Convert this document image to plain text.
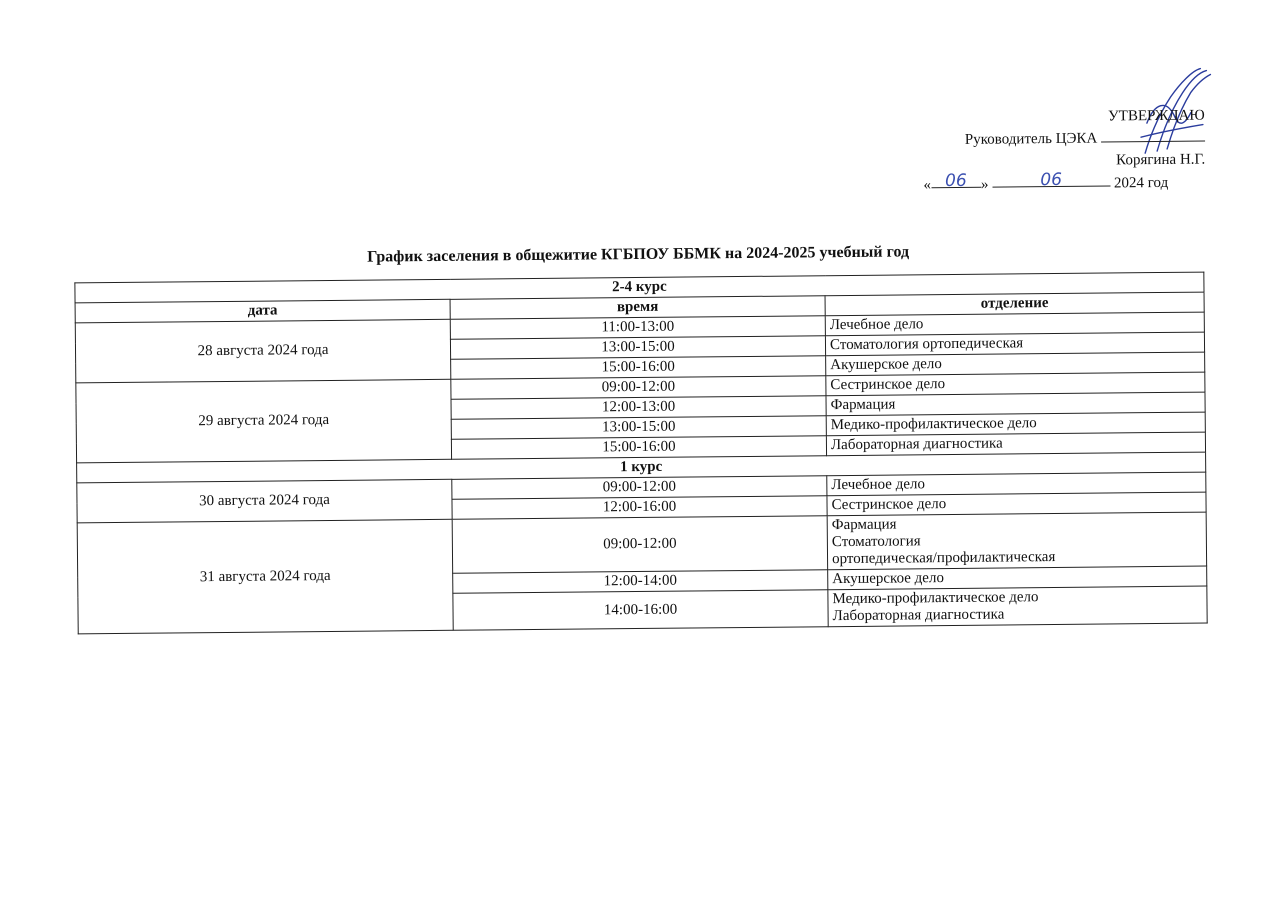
УТВЕРЖДАЮ
Руководитель ЦЭКА
Корягина Н.Г.
« 06 »	06	2024 год
График заселения в общежитие КГБПОУ ББМК на 2024-2025 учебный год
2-4 курс		
дата	время	отделение
28 августа 2024 года	11:00-13:00	Лечебное дело

	13:00-15:00	Стоматология ортопедическая

	15:00-16:00	Акушерское дело

29 августа 2024 года	09:00-12:00	Сестринское дело

	12:00-13:00	Фармация

	13:00-15:00	Медико-профилактическое дело

	15:00-16:00	Лабораторная диагностика

1 курс		
30 августа 2024 года	09:00-12:00	Лечебное дело

	12:00-16:00	Сестринское дело

31 августа 2024 года	09:00-12:00	Фармация
Стоматология
ортопедическая/профилактическая

	12:00-14:00	Акушерское дело

	14:00-16:00	Медико-профилактическое дело
Лабораторная диагностика
